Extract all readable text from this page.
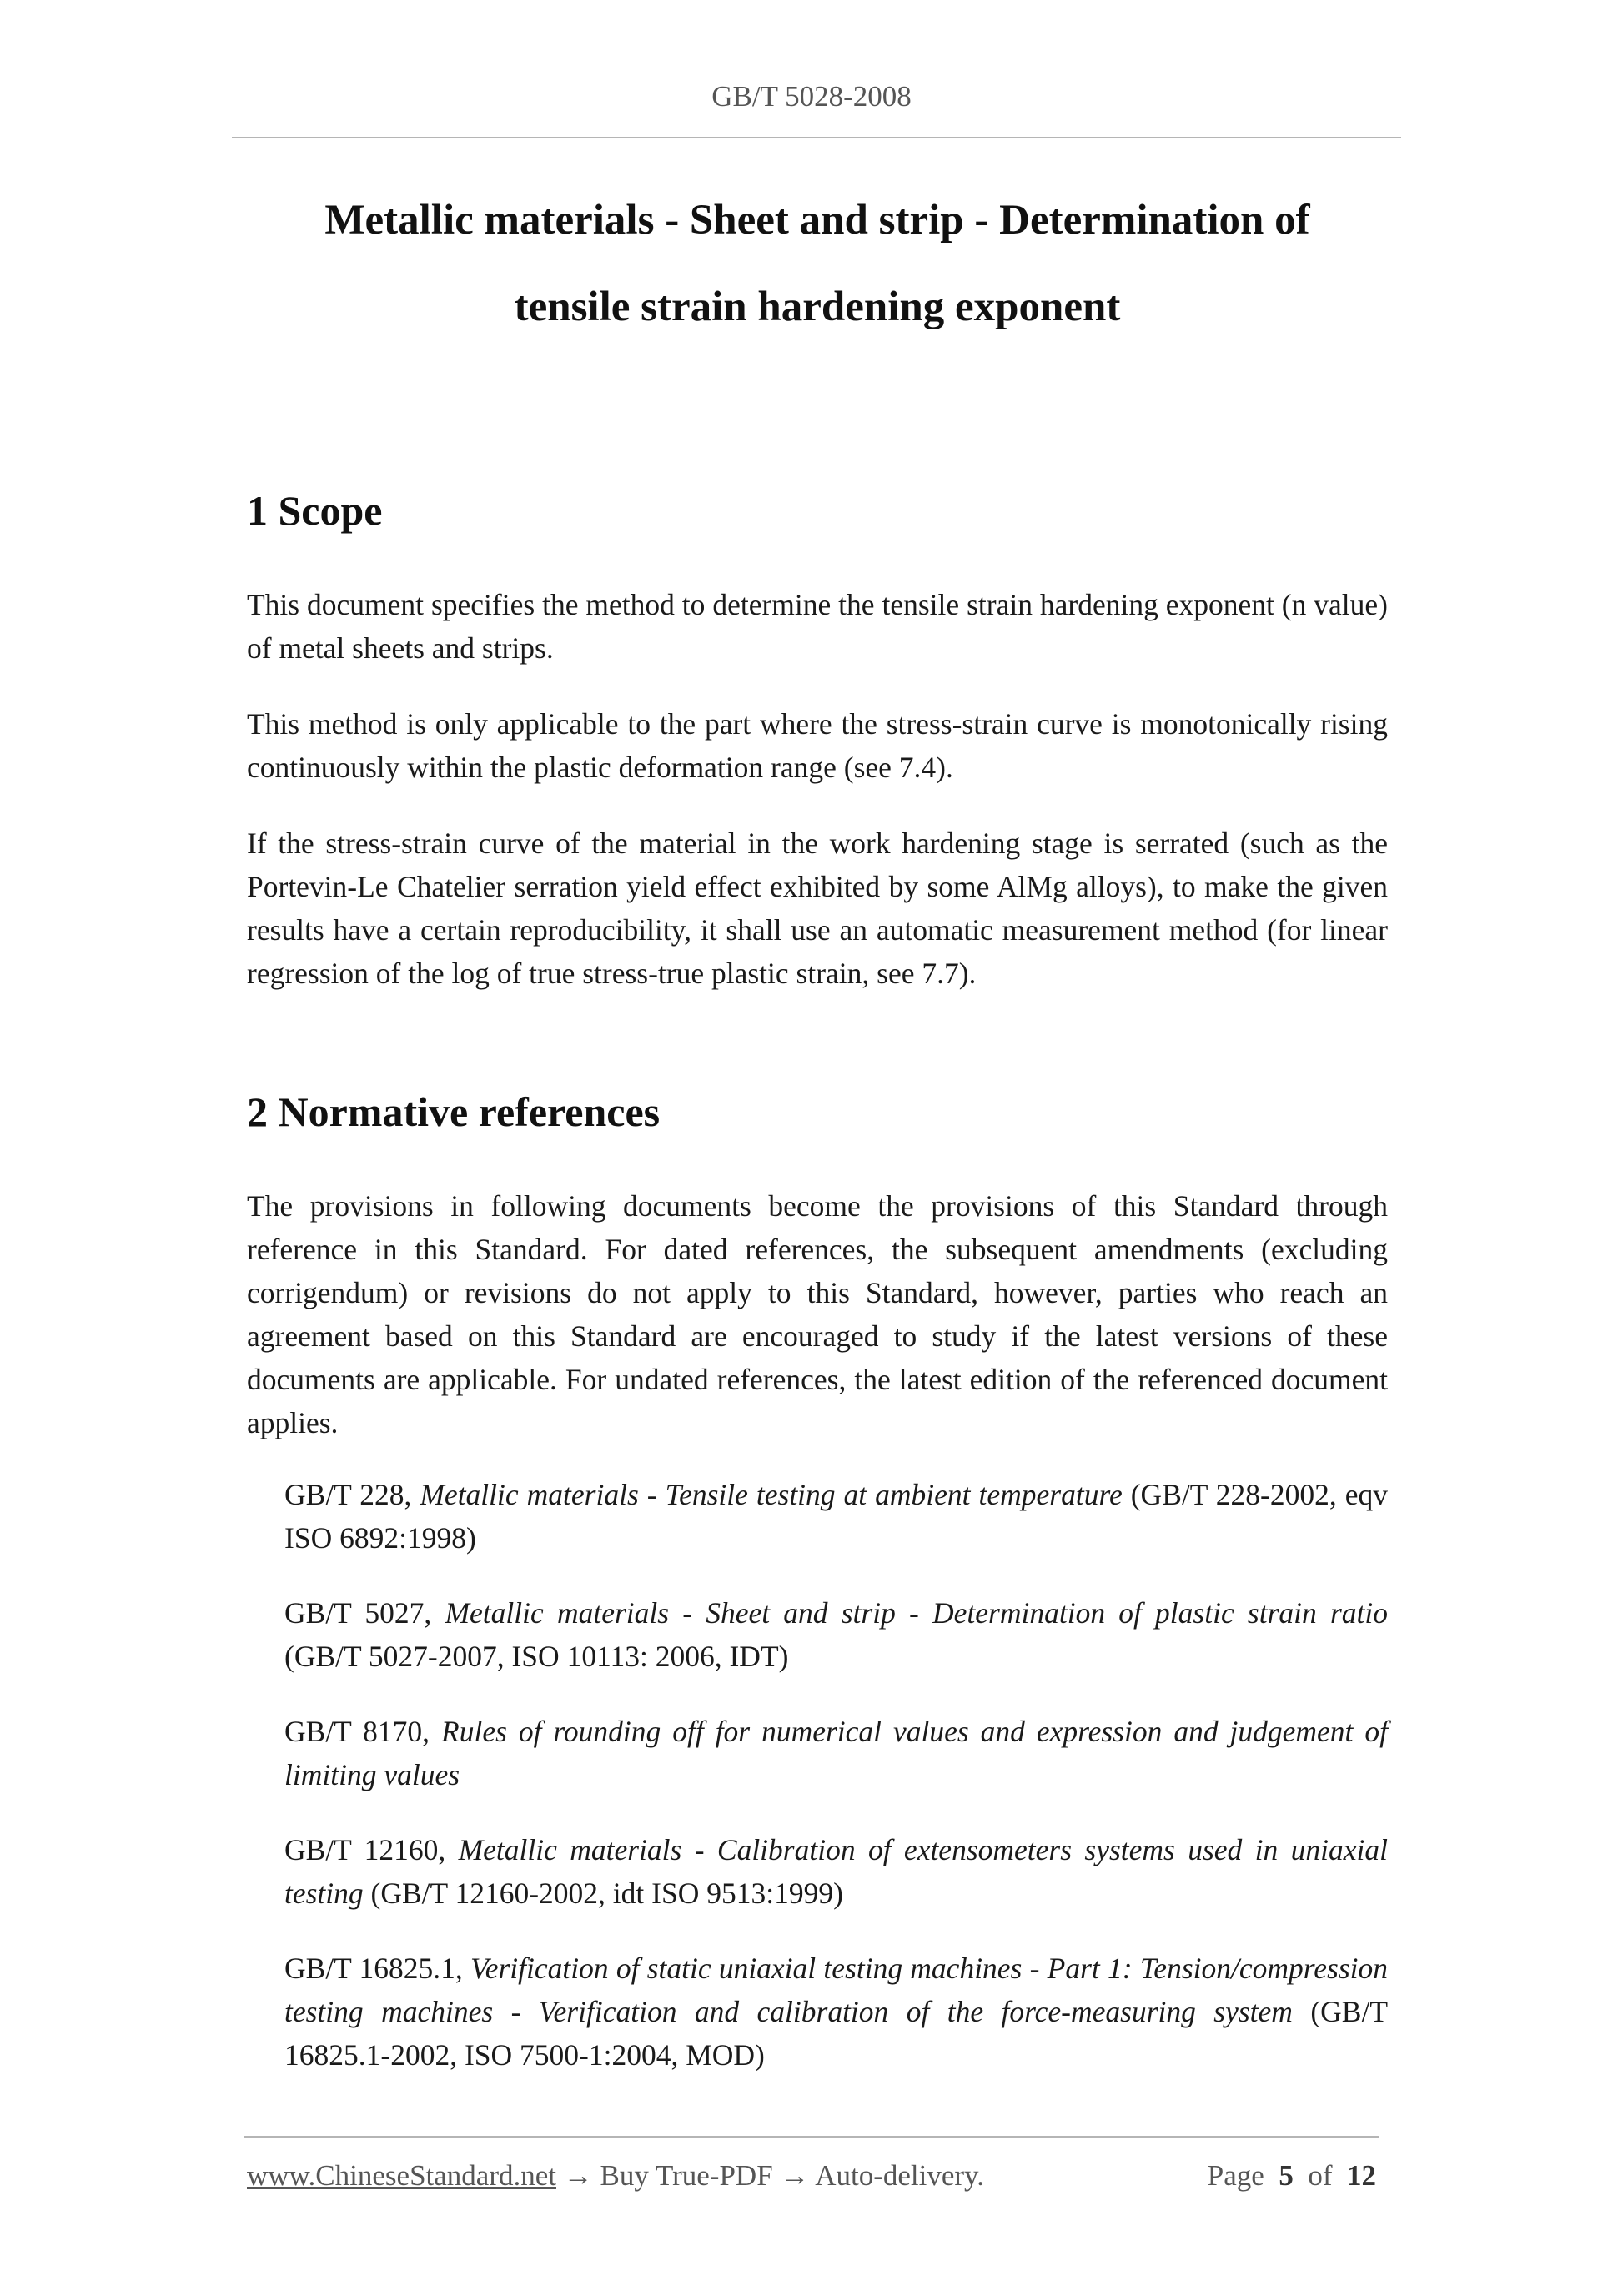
GB/T 5028-2008
Metallic materials - Sheet and strip - Determination of
tensile strain hardening exponent
1 Scope
This document specifies the method to determine the tensile strain hardening exponent (n value) of metal sheets and strips.
This method is only applicable to the part where the stress-strain curve is monotonically rising continuously within the plastic deformation range (see 7.4).
If the stress-strain curve of the material in the work hardening stage is serrated (such as the Portevin-Le Chatelier serration yield effect exhibited by some AlMg alloys), to make the given results have a certain reproducibility, it shall use an automatic measurement method (for linear regression of the log of true stress-true plastic strain, see 7.7).
2 Normative references
The provisions in following documents become the provisions of this Standard through reference in this Standard. For dated references, the subsequent amendments (excluding corrigendum) or revisions do not apply to this Standard, however, parties who reach an agreement based on this Standard are encouraged to study if the latest versions of these documents are applicable. For undated references, the latest edition of the referenced document applies.
GB/T 228, Metallic materials - Tensile testing at ambient temperature (GB/T 228-2002, eqv ISO 6892:1998)
GB/T 5027, Metallic materials - Sheet and strip - Determination of plastic strain ratio (GB/T 5027-2007, ISO 10113: 2006, IDT)
GB/T 8170, Rules of rounding off for numerical values and expression and judgement of limiting values
GB/T 12160, Metallic materials - Calibration of extensometers systems used in uniaxial testing (GB/T 12160-2002, idt ISO 9513:1999)
GB/T 16825.1, Verification of static uniaxial testing machines - Part 1: Tension/compression testing machines - Verification and calibration of the force-measuring system (GB/T 16825.1-2002, ISO 7500-1:2004, MOD)
www.ChineseStandard.net → Buy True-PDF → Auto-delivery.	Page 5 of 12
